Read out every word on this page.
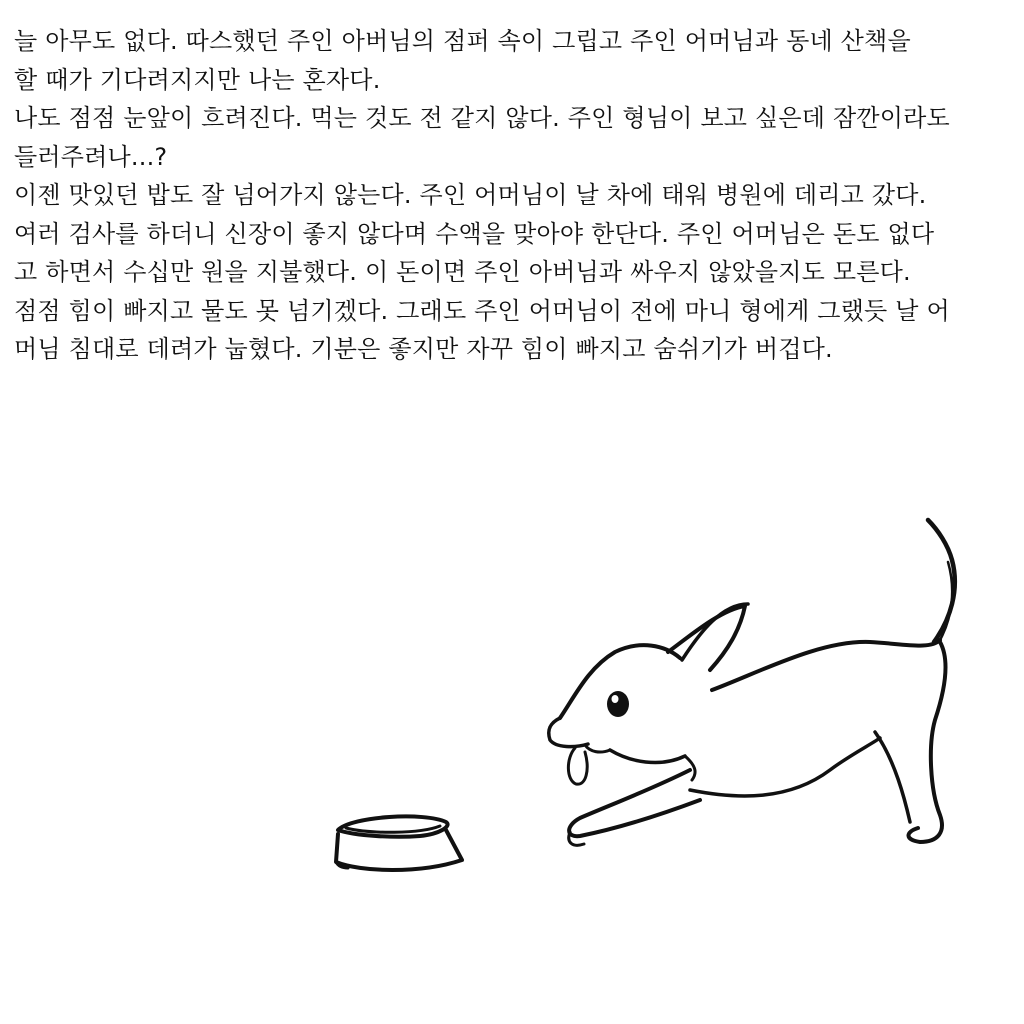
늘 아무도 없다. 따스했던 주인 아버님의 점퍼 속이 그립고 주인 어머님과 동네 산책을
할 때가 기다려지지만 나는 혼자다.
나도 점점 눈앞이 흐려진다. 먹는 것도 전 같지 않다. 주인 형님이 보고 싶은데 잠깐이라도
들러주려나...?
이젠 맛있던 밥도 잘 넘어가지 않는다. 주인 어머님이 날 차에 태워 병원에 데리고 갔다.
여러 검사를 하더니 신장이 좋지 않다며 수액을 맞아야 한단다. 주인 어머님은 돈도 없다
고 하면서 수십만 원을 지불했다. 이 돈이면 주인 아버님과 싸우지 않았을지도 모른다.
점점 힘이 빠지고 물도 못 넘기겠다. 그래도 주인 어머님이 전에 마니 형에게 그랬듯 날 어
머님 침대로 데려가 눕혔다. 기분은 좋지만 자꾸 힘이 빠지고 숨쉬기가 버겁다.
